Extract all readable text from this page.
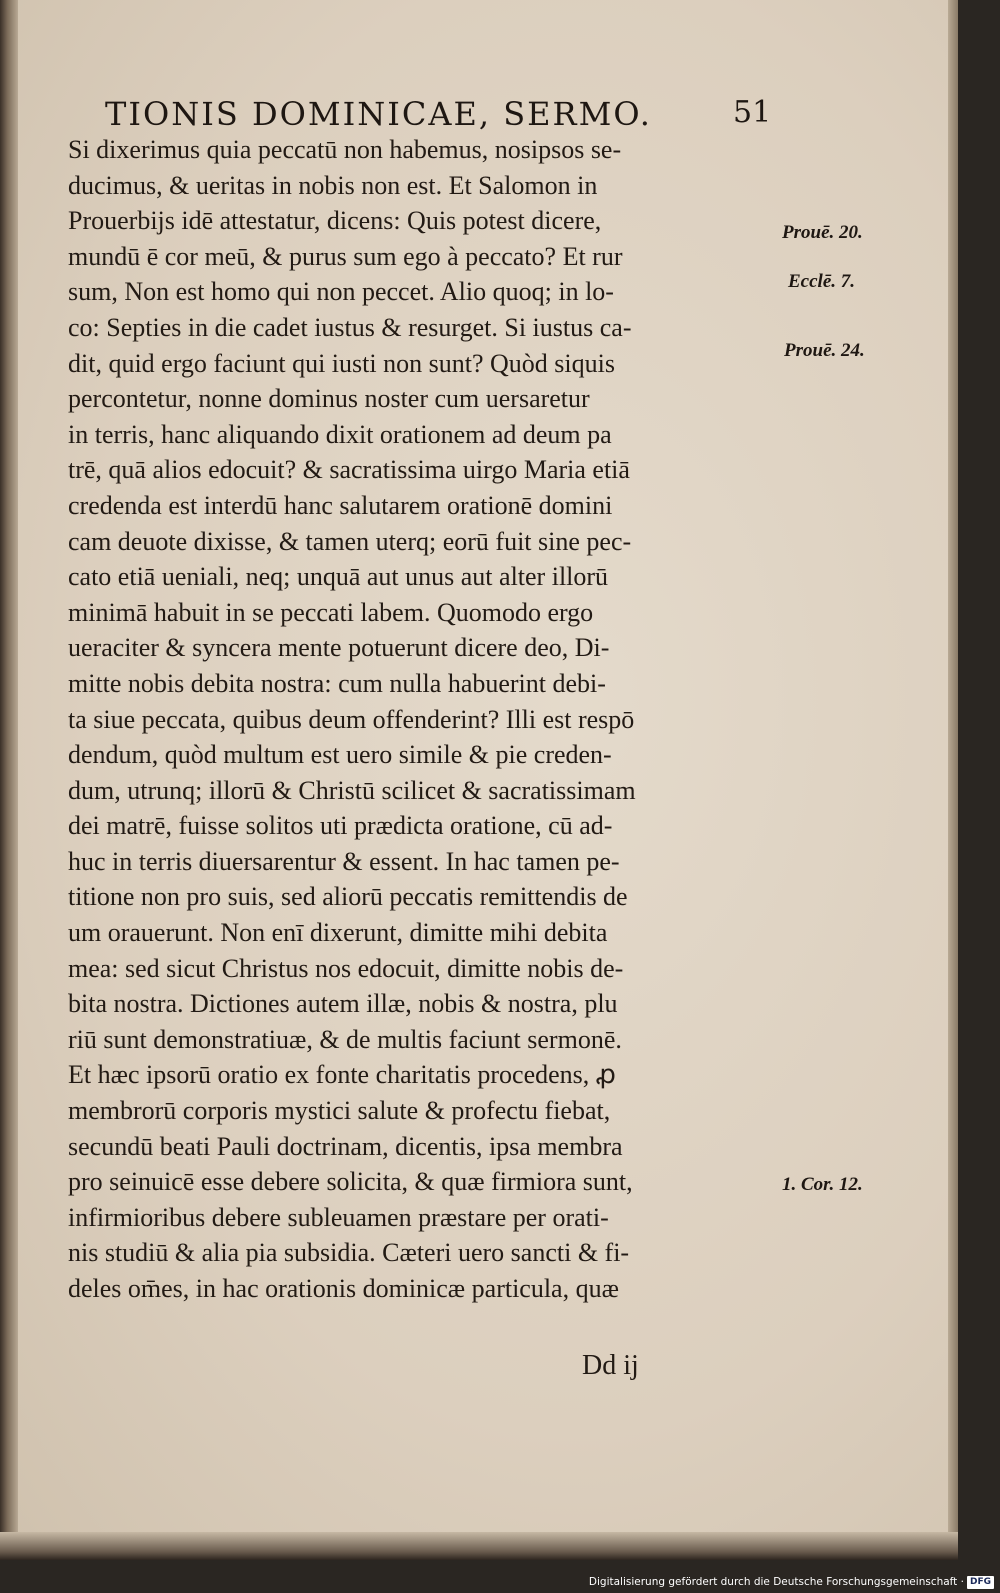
TIONIS DOMINICAE, SERMO.	51
Si dixerimus quia peccatū non habemus, nosipsos se-
ducimus, & ueritas in nobis non est. Et Salomon in
Prouerbijs idē attestatur, dicens: Quis potest dicere,
mundū ē cor meū, & purus sum ego à peccato? Et rur
sum, Non est homo qui non peccet. Alio quoq; in lo-
co: Septies in die cadet iustus & resurget. Si iustus ca-
dit, quid ergo faciunt qui iusti non sunt? Quòd siquis
percontetur, nonne dominus noster cum uersaretur
in terris, hanc aliquando dixit orationem ad deum pa
trē, quā alios edocuit? & sacratissima uirgo Maria etiā
credenda est interdū hanc salutarem orationē domini
cam deuote dixisse, & tamen uterq; eorū fuit sine pec-
cato etiā ueniali, neq; unquā aut unus aut alter illorū
minimā habuit in se peccati labem. Quomodo ergo
ueraciter & syncera mente potuerunt dicere deo, Di-
mitte nobis debita nostra: cum nulla habuerint debi-
ta siue peccata, quibus deum offenderint? Illi est respō
dendum, quòd multum est uero simile & pie creden-
dum, utrunq; illorū & Christū scilicet & sacratissimam
dei matrē, fuisse solitos uti prædicta oratione, cū ad-
huc in terris diuersarentur & essent. In hac tamen pe-
titione non pro suis, sed aliorū peccatis remittendis de
um orauerunt. Non enī dixerunt, dimitte mihi debita
mea: sed sicut Christus nos edocuit, dimitte nobis de-
bita nostra. Dictiones autem illæ, nobis & nostra, plu
riū sunt demonstratiuæ, & de multis faciunt sermonē.
Et hæc ipsorū oratio ex fonte charitatis procedens, ꝓ
membrorū corporis mystici salute & profectu fiebat,
secundū beati Pauli doctrinam, dicentis, ipsa membra
pro seinuicē esse debere solicita, & quæ firmiora sunt,
infirmioribus debere subleuamen præstare per orati-
nis studiū & alia pia subsidia. Cæteri uero sancti & fi-
deles om̄es, in hac orationis dominicæ particula, quæ
Prouē. 20.
Ecclē. 7.
Prouē. 24.
1. Cor. 12.
Dd ij
Digitalisierung gefördert durch die Deutsche Forschungsgemeinschaft · DFG
